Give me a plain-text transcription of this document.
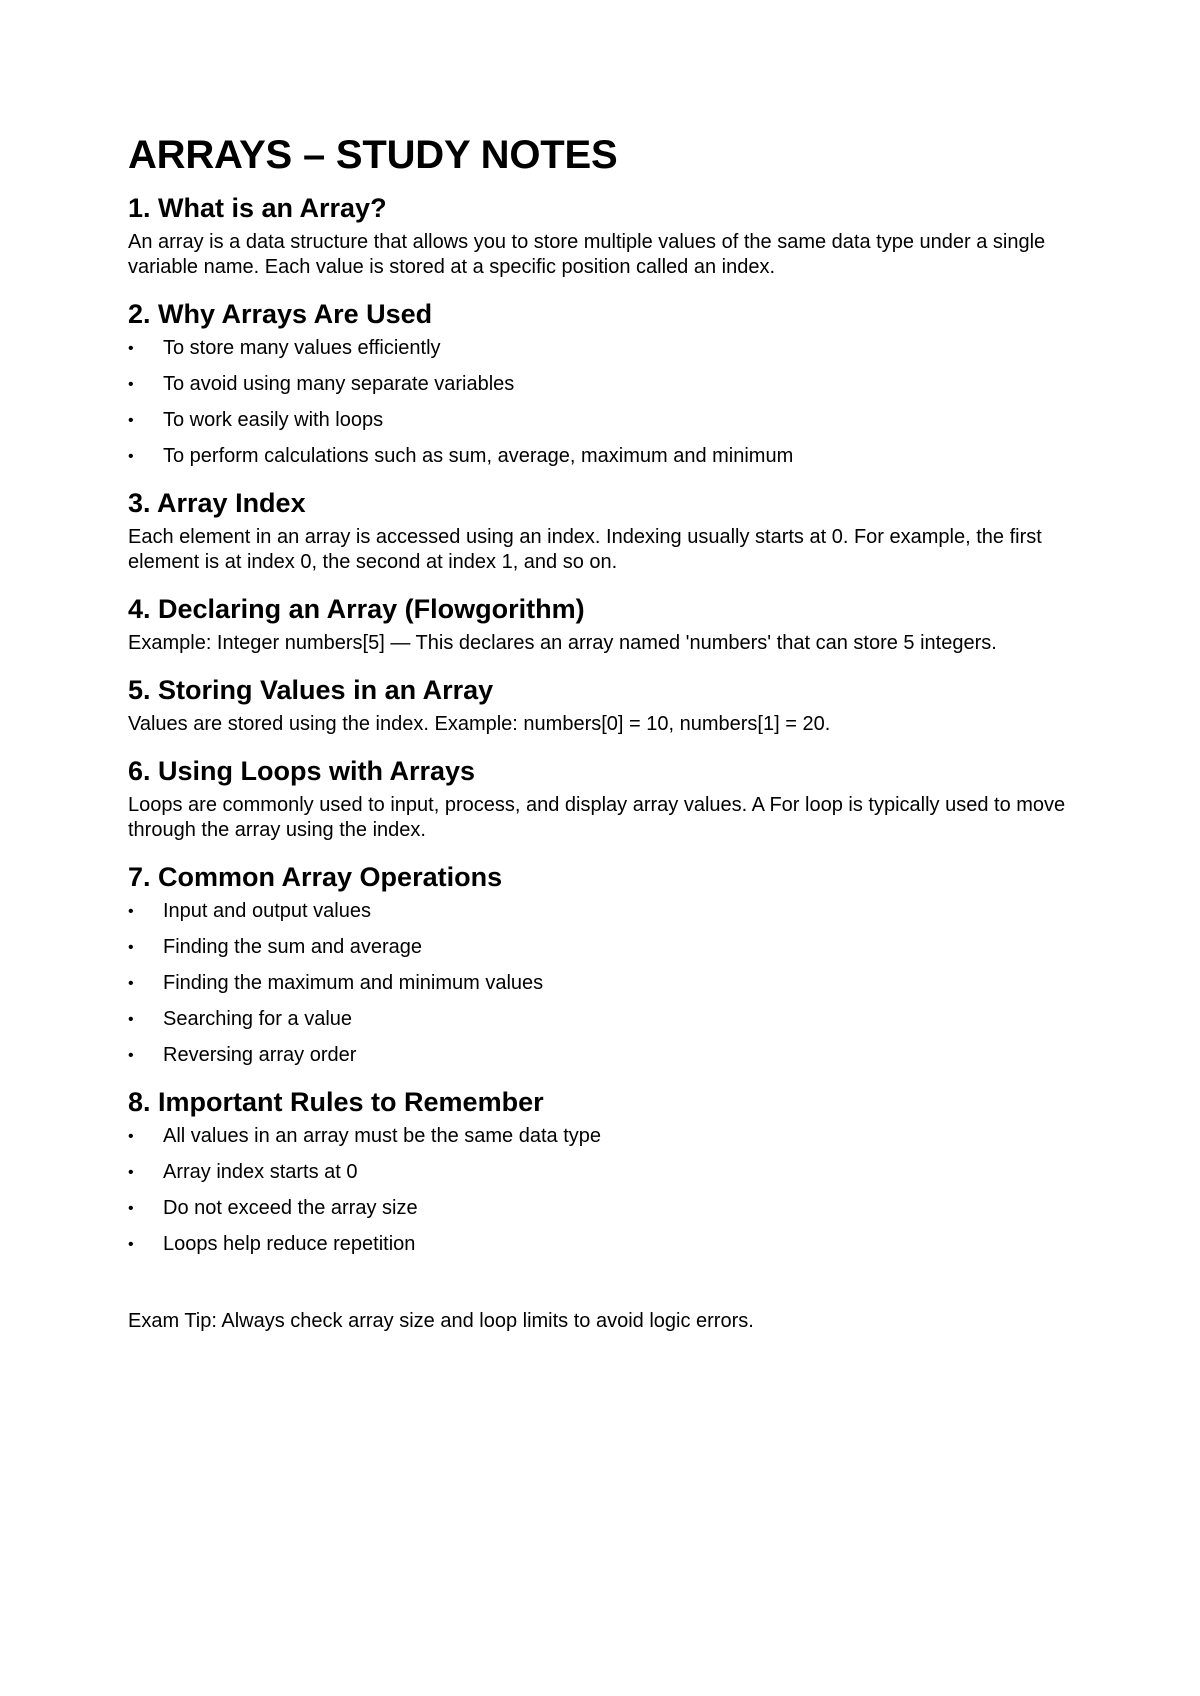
ARRAYS – STUDY NOTES
1. What is an Array?

An array is a data structure that allows you to store multiple values of the same data type under a single variable name. Each value is stored at a specific position called an index.

2. Why Arrays Are Used
•	To store many values efficiently
•	To avoid using many separate variables
•	To work easily with loops
•	To perform calculations such as sum, average, maximum and minimum
3. Array Index

Each element in an array is accessed using an index. Indexing usually starts at 0. For example, the first element is at index 0, the second at index 1, and so on.

4. Declaring an Array (Flowgorithm)

Example: Integer numbers[5] — This declares an array named 'numbers' that can store 5 integers.

5. Storing Values in an Array

Values are stored using the index. Example: numbers[0] = 10, numbers[1] = 20.

6. Using Loops with Arrays

Loops are commonly used to input, process, and display array values. A For loop is typically used to move through the array using the index.

7. Common Array Operations
•	Input and output values
•	Finding the sum and average
•	Finding the maximum and minimum values
•	Searching for a value
•	Reversing array order
8. Important Rules to Remember
•	All values in an array must be the same data type
•	Array index starts at 0
•	Do not exceed the array size
•	Loops help reduce repetition

Exam Tip: Always check array size and loop limits to avoid logic errors.
